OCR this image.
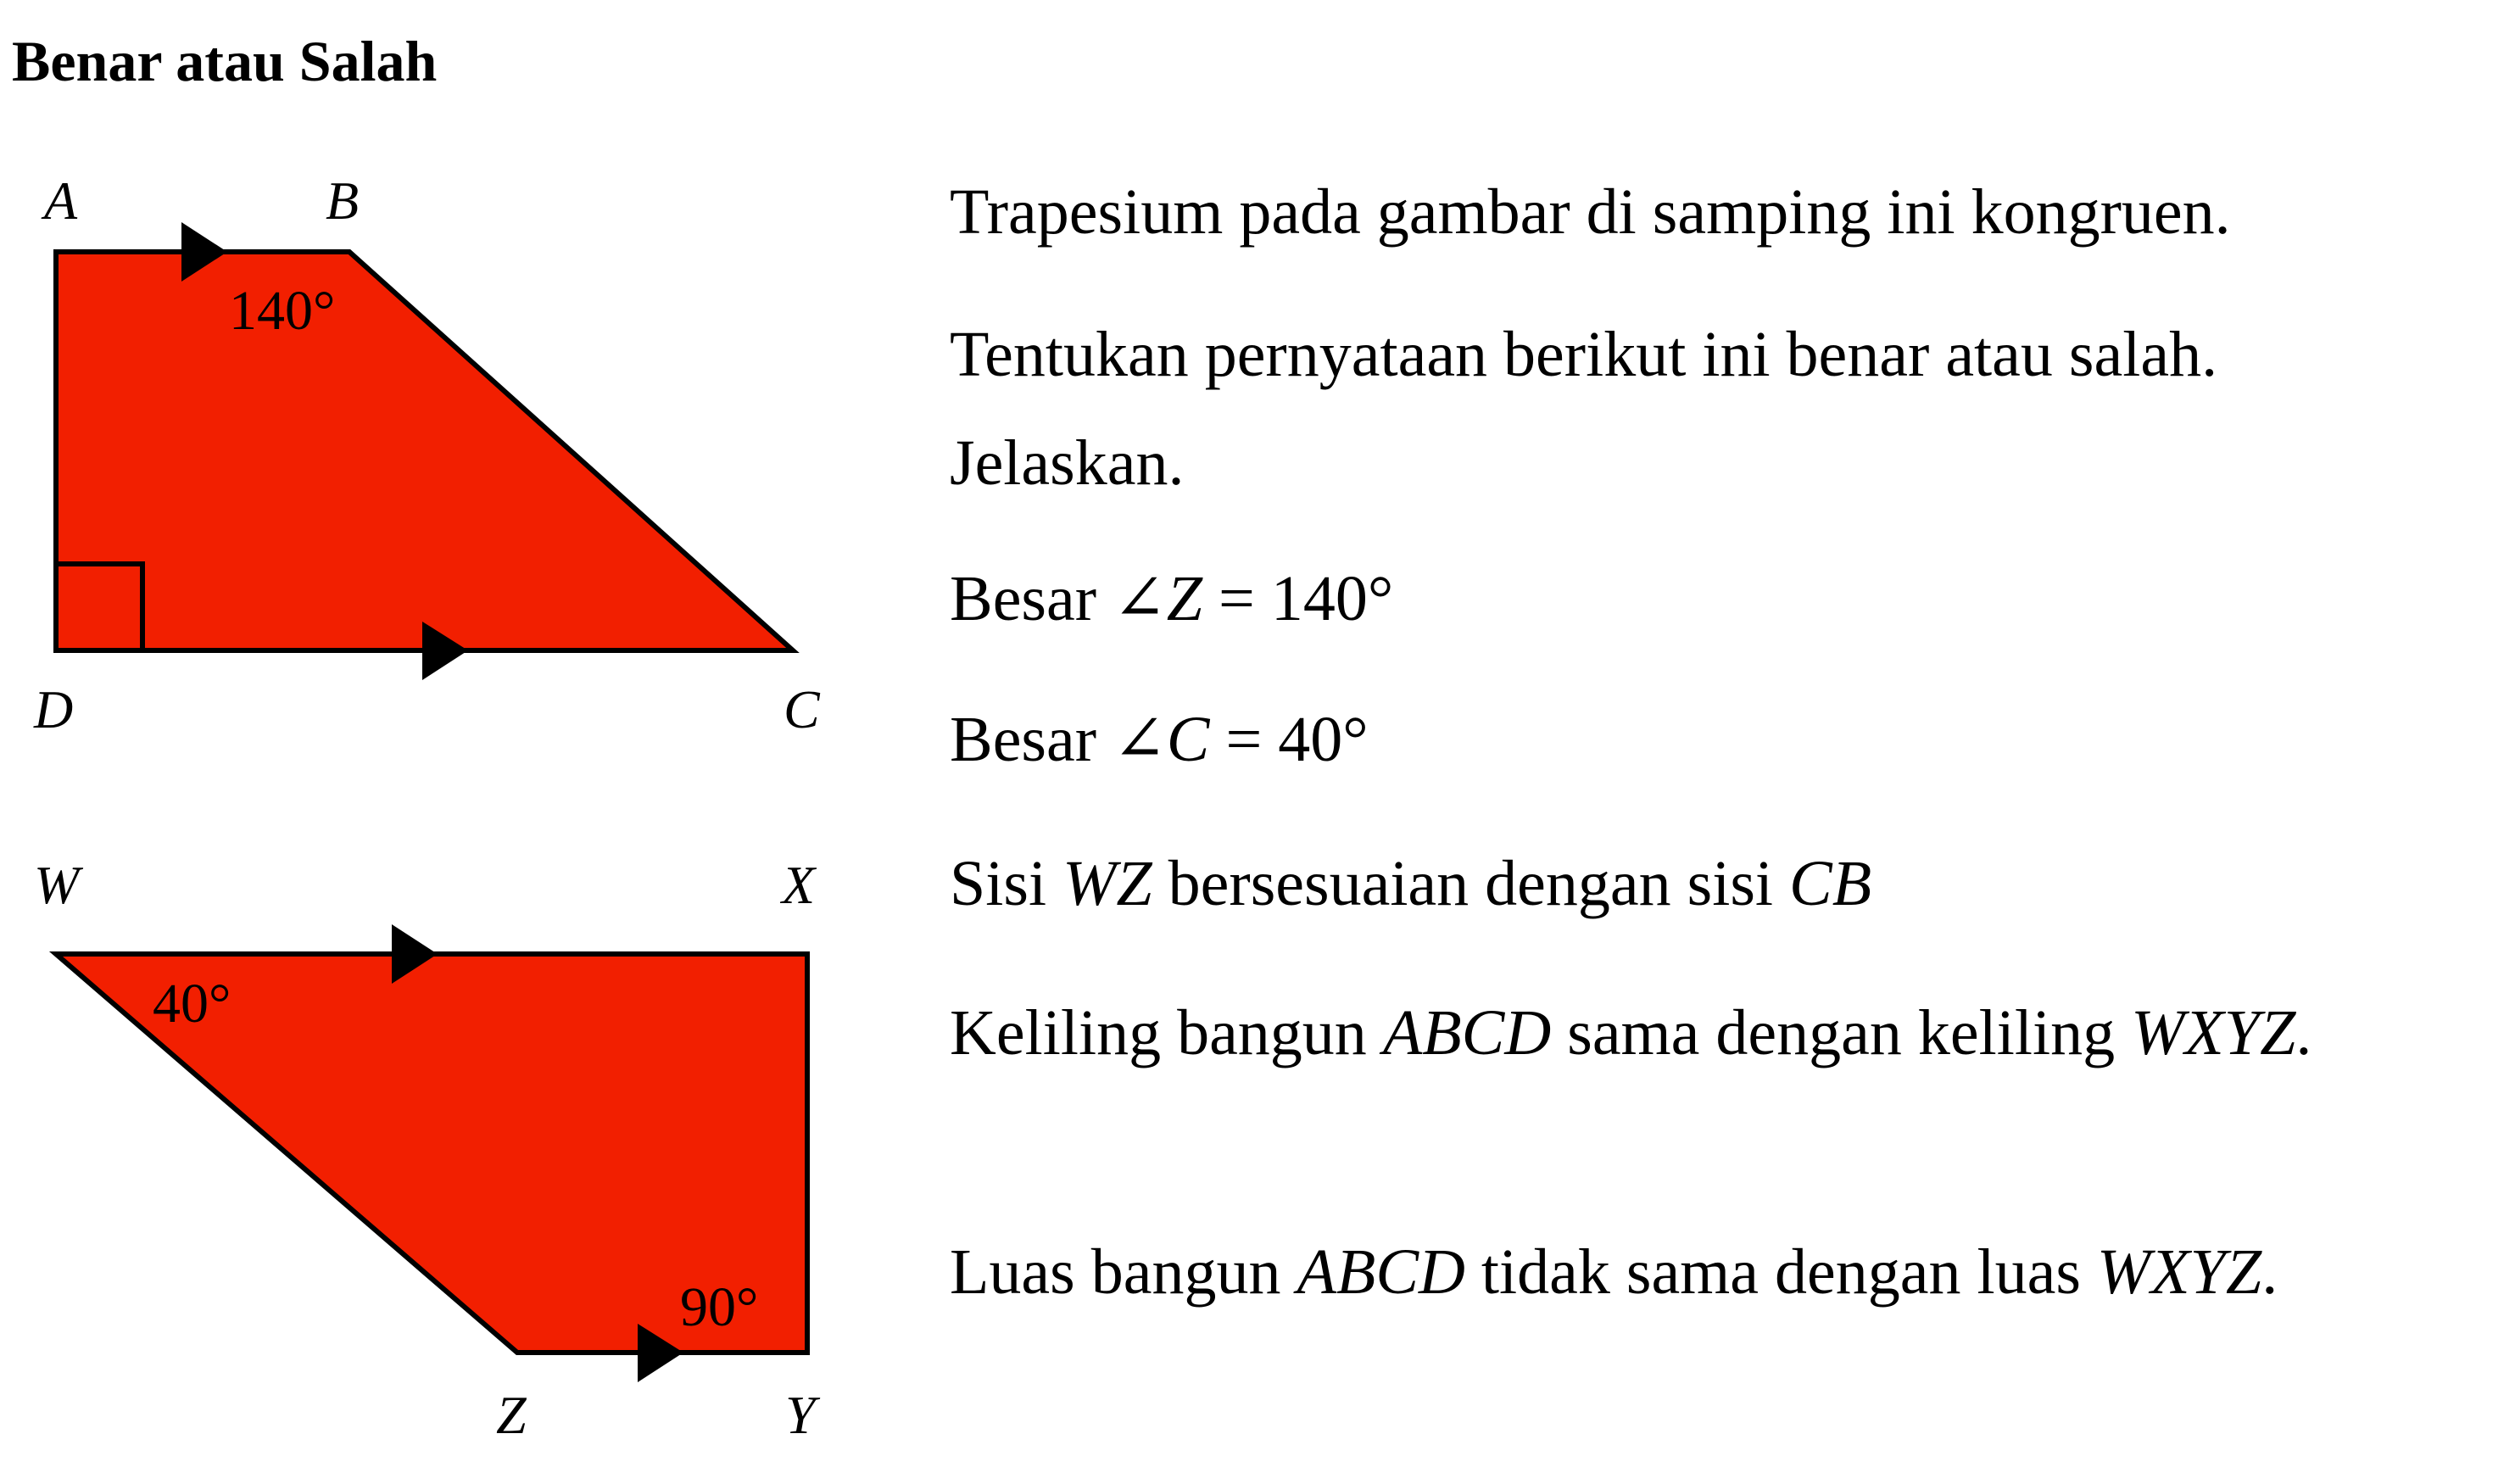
Benar atau Salah
A	B
C
D
140°
W	X
Y
Z
40°
90°
Trapesium pada gambar di samping ini kongruen.
Tentukan pernyataan berikut ini benar atau salah.
Jelaskan.
Besar ∠Z = 140°
Besar ∠C = 40°
Sisi WZ bersesuaian dengan sisi CB
Keliling bangun ABCD sama dengan keliling WXYZ.
Luas bangun ABCD tidak sama dengan luas WXYZ.
